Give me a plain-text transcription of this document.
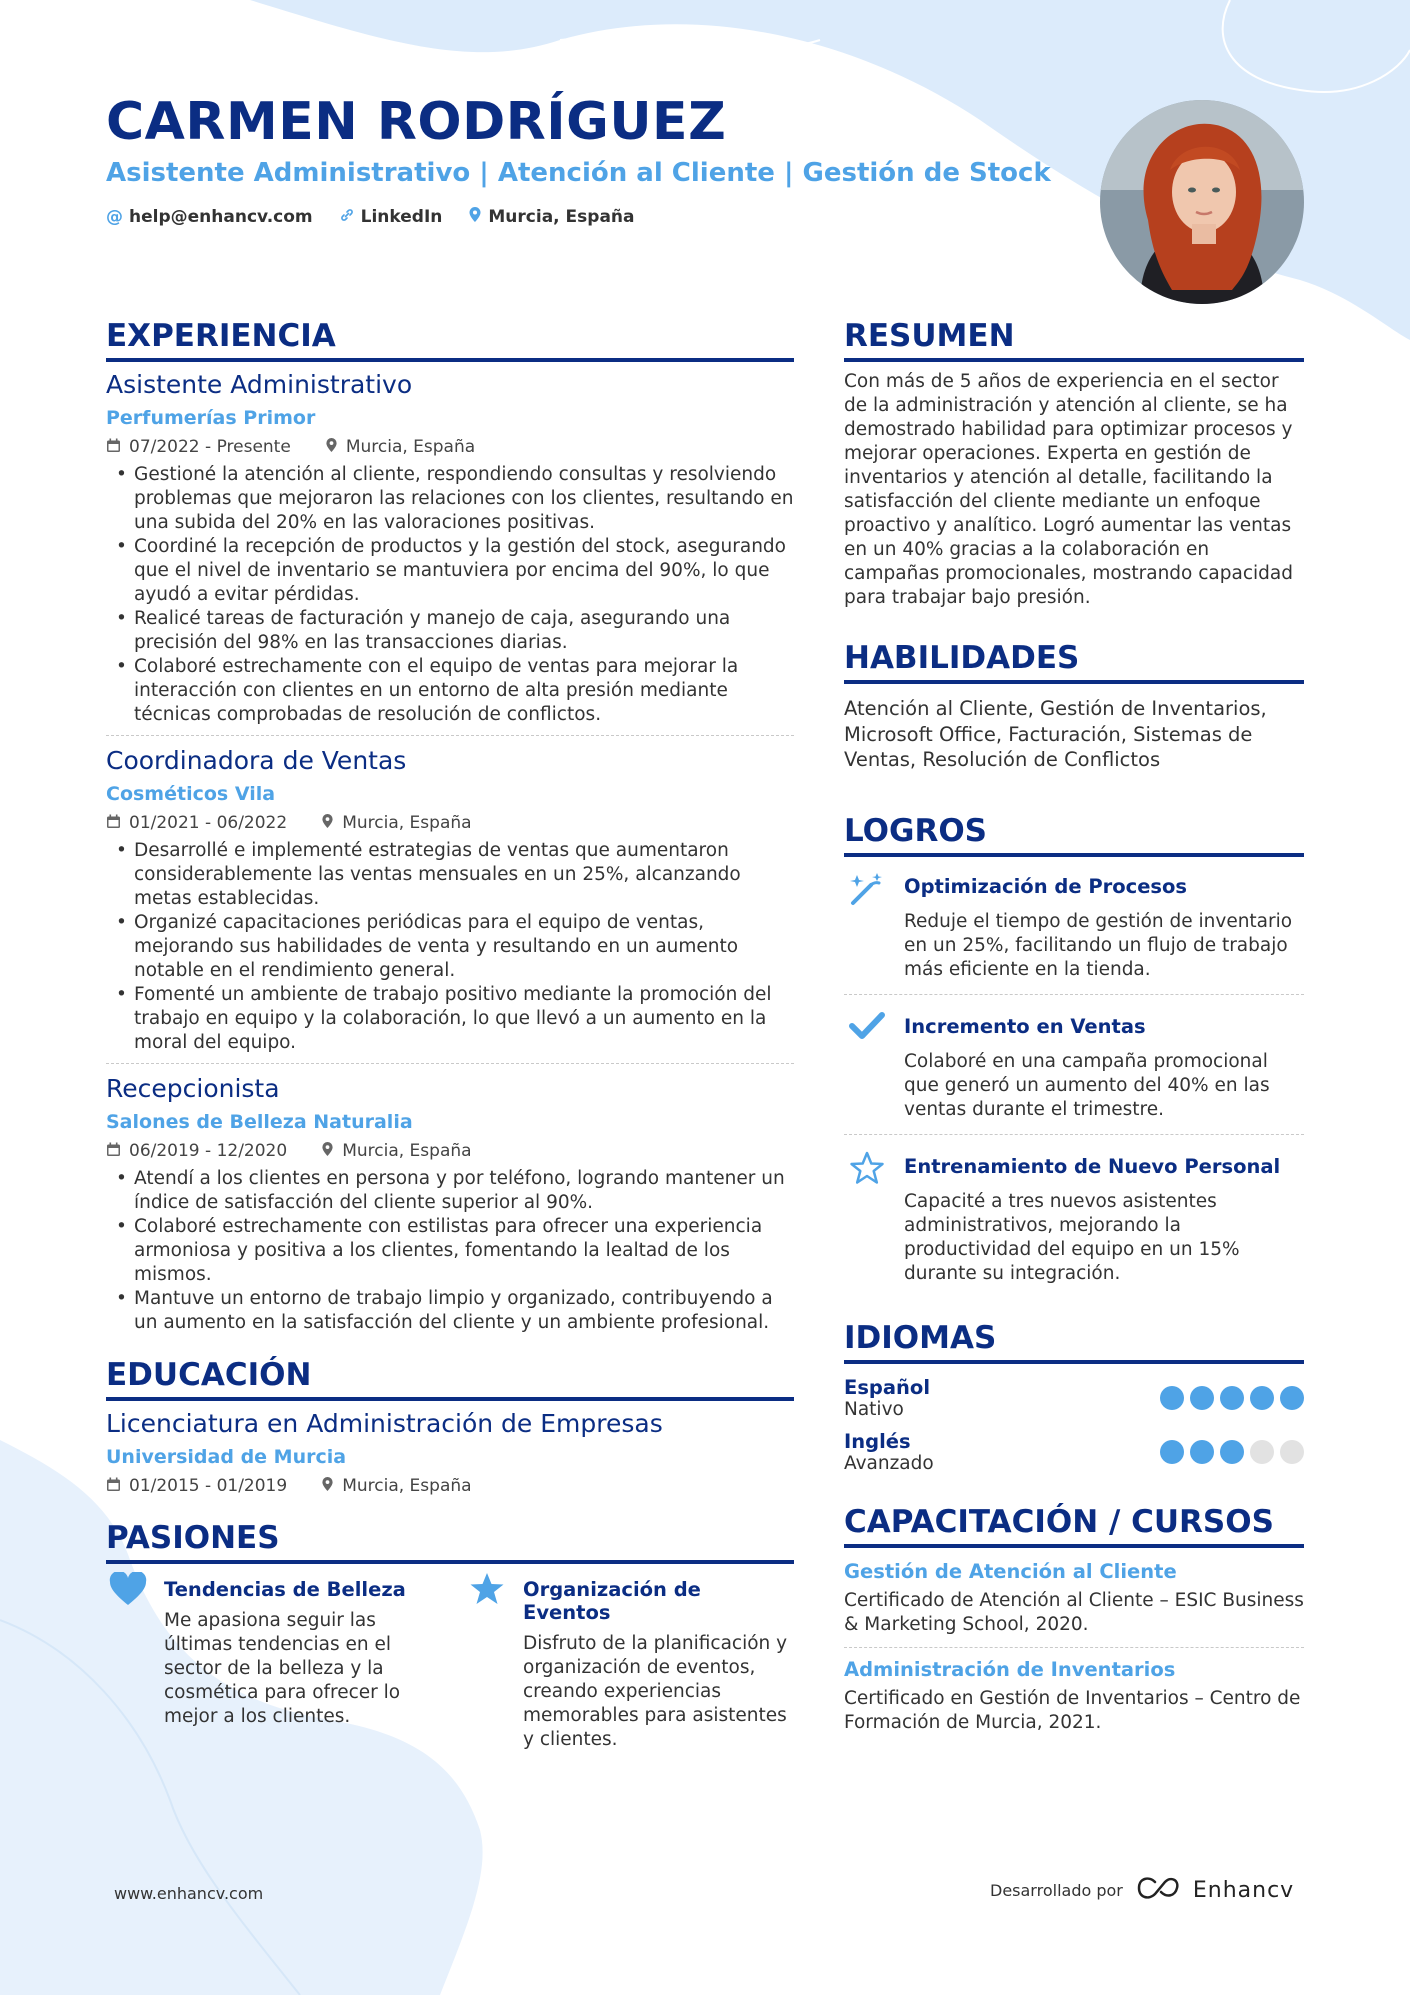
CARMEN RODRÍGUEZ
Asistente Administrativo | Atención al Cliente | Gestión de Stock
@ help@enhancv.com	LinkedIn	Murcia, España
EXPERIENCIA
Asistente Administrativo
Perfumerías Primor
07/2022 - Presente	Murcia, España
• Gestioné la atención al cliente, respondiendo consultas y resolviendo problemas que mejoraron las relaciones con los clientes, resultando en una subida del 20% en las valoraciones positivas.
• Coordiné la recepción de productos y la gestión del stock, asegurando que el nivel de inventario se mantuviera por encima del 90%, lo que ayudó a evitar pérdidas.
• Realicé tareas de facturación y manejo de caja, asegurando una precisión del 98% en las transacciones diarias.
• Colaboré estrechamente con el equipo de ventas para mejorar la interacción con clientes en un entorno de alta presión mediante técnicas comprobadas de resolución de conflictos.
Coordinadora de Ventas
Cosméticos Vila
01/2021 - 06/2022	Murcia, España
• Desarrollé e implementé estrategias de ventas que aumentaron considerablemente las ventas mensuales en un 25%, alcanzando metas establecidas.
• Organizé capacitaciones periódicas para el equipo de ventas, mejorando sus habilidades de venta y resultando en un aumento notable en el rendimiento general.
• Fomenté un ambiente de trabajo positivo mediante la promoción del trabajo en equipo y la colaboración, lo que llevó a un aumento en la moral del equipo.
Recepcionista
Salones de Belleza Naturalia
06/2019 - 12/2020	Murcia, España
• Atendí a los clientes en persona y por teléfono, logrando mantener un índice de satisfacción del cliente superior al 90%.
• Colaboré estrechamente con estilistas para ofrecer una experiencia armoniosa y positiva a los clientes, fomentando la lealtad de los mismos.
• Mantuve un entorno de trabajo limpio y organizado, contribuyendo a un aumento en la satisfacción del cliente y un ambiente profesional.
EDUCACIÓN
Licenciatura en Administración de Empresas
Universidad de Murcia
01/2015 - 01/2019	Murcia, España
PASIONES
Tendencias de Belleza
Me apasiona seguir las últimas tendencias en el sector de la belleza y la cosmética para ofrecer lo mejor a los clientes.
Organización de Eventos
Disfruto de la planificación y organización de eventos, creando experiencias memorables para asistentes y clientes.
RESUMEN
Con más de 5 años de experiencia en el sector de la administración y atención al cliente, se ha demostrado habilidad para optimizar procesos y mejorar operaciones. Experta en gestión de inventarios y atención al detalle, facilitando la satisfacción del cliente mediante un enfoque proactivo y analítico. Logró aumentar las ventas en un 40% gracias a la colaboración en campañas promocionales, mostrando capacidad para trabajar bajo presión.
HABILIDADES
Atención al Cliente, Gestión de Inventarios, Microsoft Office, Facturación, Sistemas de Ventas, Resolución de Conflictos
LOGROS
Optimización de Procesos
Reduje el tiempo de gestión de inventario en un 25%, facilitando un flujo de trabajo más eficiente en la tienda.
Incremento en Ventas
Colaboré en una campaña promocional que generó un aumento del 40% en las ventas durante el trimestre.
Entrenamiento de Nuevo Personal
Capacité a tres nuevos asistentes administrativos, mejorando la productividad del equipo en un 15% durante su integración.
IDIOMAS
Español
Nativo
Inglés
Avanzado
CAPACITACIÓN / CURSOS
Gestión de Atención al Cliente
Certificado de Atención al Cliente – ESIC Business & Marketing School, 2020.
Administración de Inventarios
Certificado en Gestión de Inventarios – Centro de Formación de Murcia, 2021.
www.enhancv.com	Desarrollado por	Enhancv
